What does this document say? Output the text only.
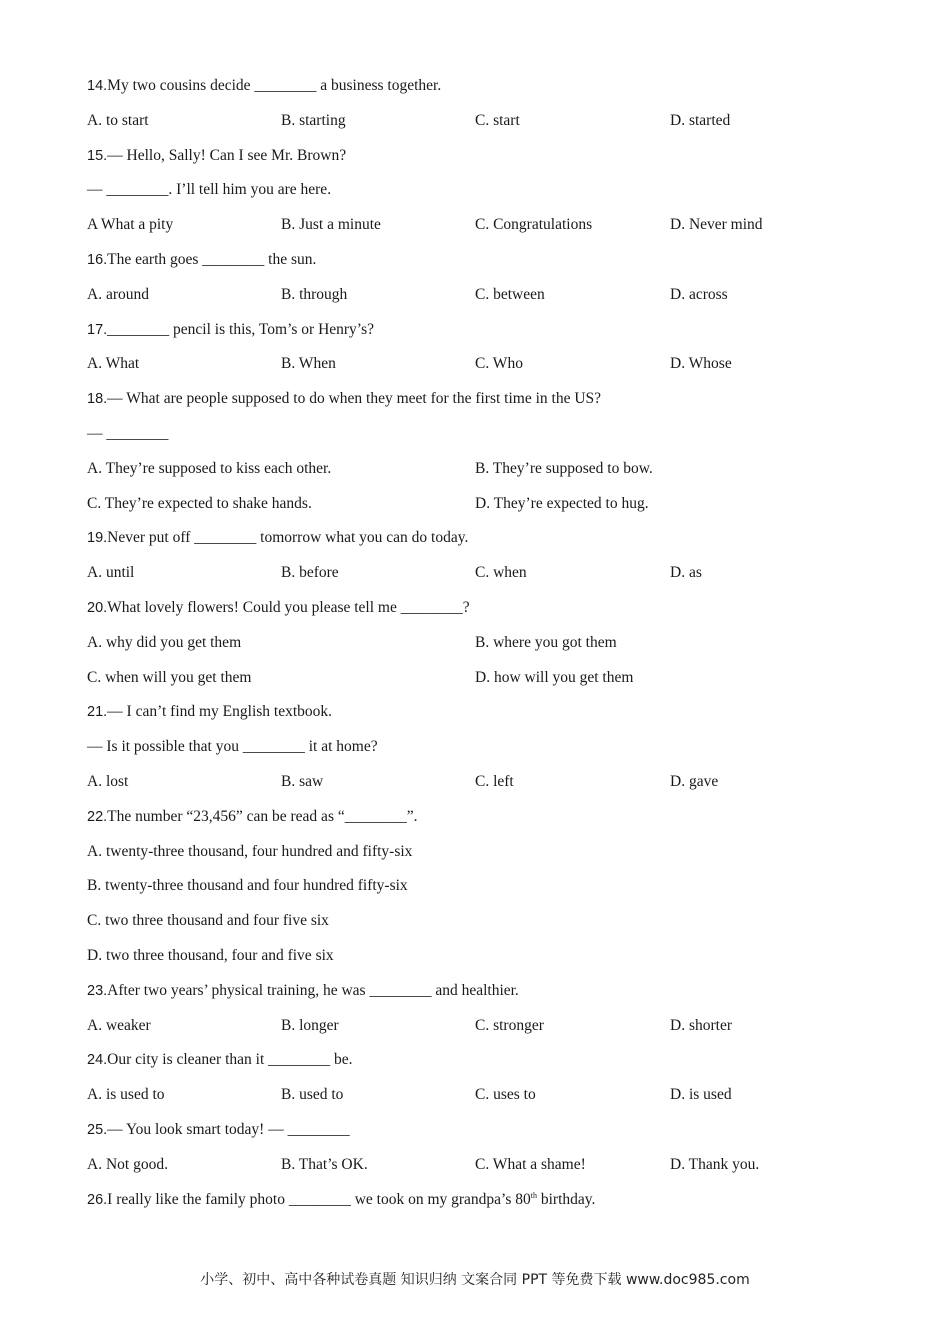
14.My two cousins decide ________ a business together.
A. to start	B. starting	C. start	D. started
15.— Hello, Sally! Can I see Mr. Brown?
— ________. I’ll tell him you are here.
A What a pity	B. Just a minute	C. Congratulations	D. Never mind
16.The earth goes ________ the sun.
A. around	B. through	C. between	D. across
17.________ pencil is this, Tom’s or Henry’s?
A. What	B. When	C. Who	D. Whose
18.— What are people supposed to do when they meet for the first time in the US?
— ________
A. They’re supposed to kiss each other.	B. They’re supposed to bow.
C. They’re expected to shake hands.	D. They’re expected to hug.
19.Never put off ________ tomorrow what you can do today.
A. until	B. before	C. when	D. as
20.What lovely flowers! Could you please tell me ________?
A. why did you get them	B. where you got them
C. when will you get them	D. how will you get them
21.— I can’t find my English textbook.
— Is it possible that you ________ it at home?
A. lost	B. saw	C. left	D. gave
22.The number “23,456” can be read as “________”.
A. twenty-three thousand, four hundred and fifty-six
B. twenty-three thousand and four hundred fifty-six
C. two three thousand and four five six
D. two three thousand, four and five six
23.After two years’ physical training, he was ________ and healthier.
A. weaker	B. longer	C. stronger	D. shorter
24.Our city is cleaner than it ________ be.
A. is used to	B. used to	C. uses to	D. is used
25.— You look smart today! — ________
A. Not good.	B. That’s OK.	C. What a shame!	D. Thank you.
26.I really like the family photo ________ we took on my grandpa’s 80th birthday.
小学、初中、高中各种试卷真题 知识归纳 文案合同 PPT 等免费下载 www.doc985.com
